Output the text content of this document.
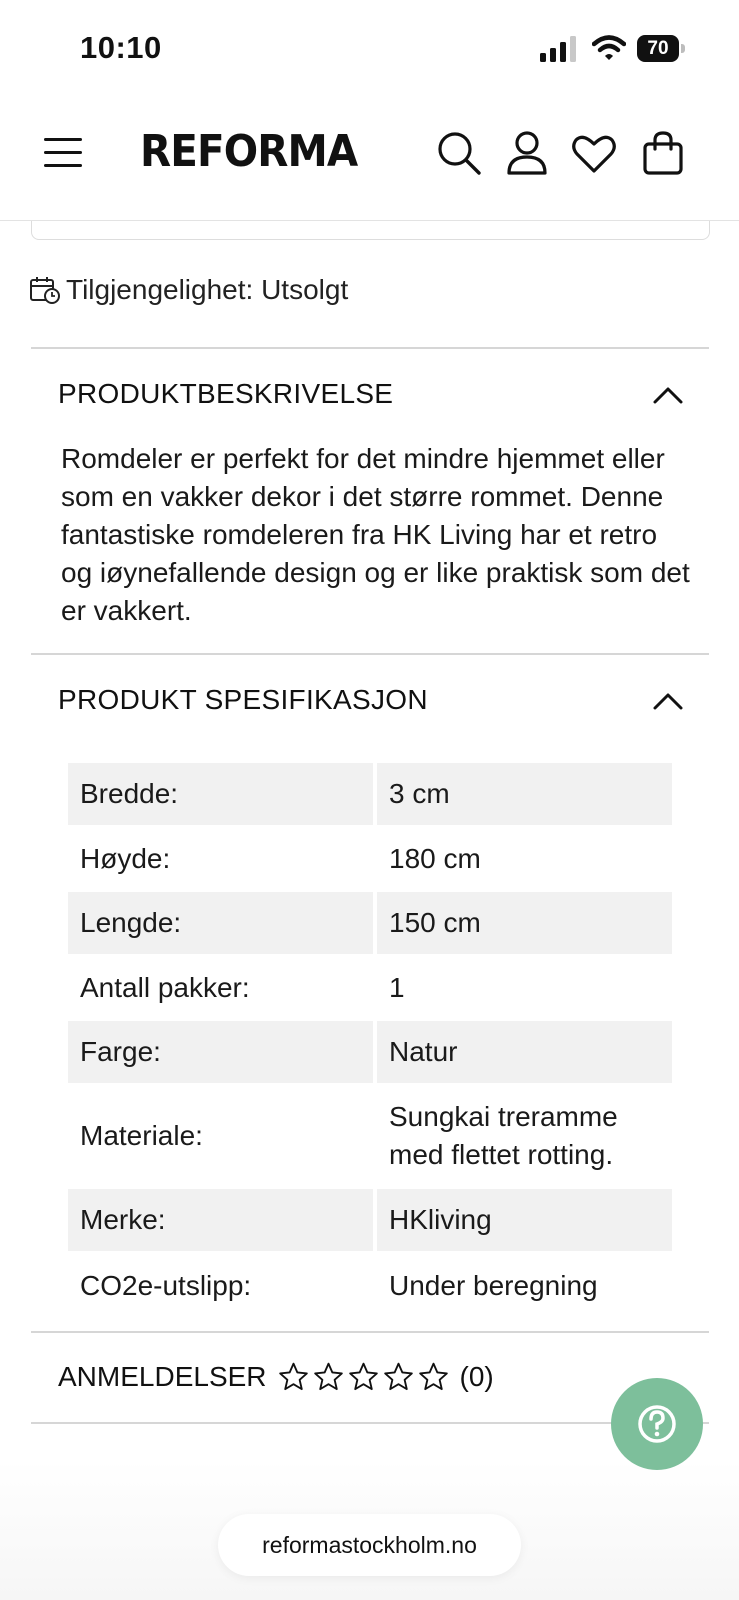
10:10	70
REFORMA
Tilgjengelighet: Utsolgt
PRODUKTBESKRIVELSE
Romdeler er perfekt for det mindre hjemmet eller som en vakker dekor i det større rommet. Denne fantastiske romdeleren fra HK Living har et retro og iøynefallende design og er like praktisk som det er vakkert.
PRODUKT SPESIFIKASJON
Bredde:	3 cm
Høyde:	180 cm
Lengde:	150 cm
Antall pakker:	1
Farge:	Natur
Materiale:	Sungkai treramme med flettet rotting.
Merke:	HKliving
CO2e-utslipp:	Under beregning
ANMELDELSER	(0)
reformastockholm.no
